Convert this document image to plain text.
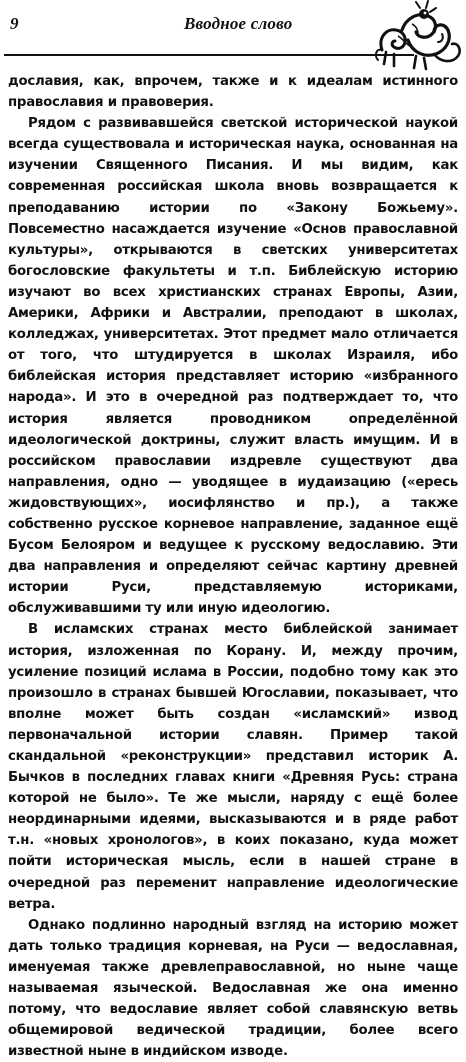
9	Вводное слово

дославия, как, впрочем, также и к идеалам истинного православия и правоверия.

Рядом с развивавшейся светской исторической наукой всегда существовала и историческая наука, основанная на изучении Священного Писания. И мы видим, как современная российская школа вновь возвращается к преподаванию истории по «Закону Божьему». Повсеместно насаждается изучение «Основ православной культуры», открываются в светских университетах богословские факультеты и т.п. Библейскую историю изучают во всех христианских странах Европы, Азии, Америки, Африки и Австралии, преподают в школах, колледжах, университетах. Этот предмет мало отличается от того, что штудируется в школах Израиля, ибо библейская история представляет историю «избранного народа». И это в очередной раз подтверждает то, что история является проводником определённой идеологической доктрины, служит власть имущим. И в российском православии издревле существуют два направления, одно — уводящее в иудаизацию («ересь жидовствующих», иосифлянство и пр.), а также собственно русское корневое направление, заданное ещё Бусом Белояром и ведущее к русскому ведославию. Эти два направления и определяют сейчас картину древней истории Руси, представляемую историками, обслуживавшими ту или иную идеологию.

В исламских странах место библейской занимает история, изложенная по Корану. И, между прочим, усиление позиций ислама в России, подобно тому как это произошло в странах бывшей Югославии, показывает, что вполне может быть создан «исламский» извод первоначальной истории славян. Пример такой скандальной «реконструкции» представил историк А. Бычков в последних главах книги «Древняя Русь: страна которой не было». Те же мысли, наряду с ещё более неординарными идеями, высказываются и в ряде работ т.н. «новых хронологов», в коих показано, куда может пойти историческая мысль, если в нашей стране в очередной раз переменит направление идеологические ветра.

Однако подлинно народный взгляд на историю может дать только традиция корневая, на Руси — ведославная, именуемая также древлеправославной, но ныне чаще называемая языческой. Ведославная же она именно потому, что ведославие являет собой славянскую ветвь общемировой ведической традиции, более всего известной ныне в индийском изводе.
